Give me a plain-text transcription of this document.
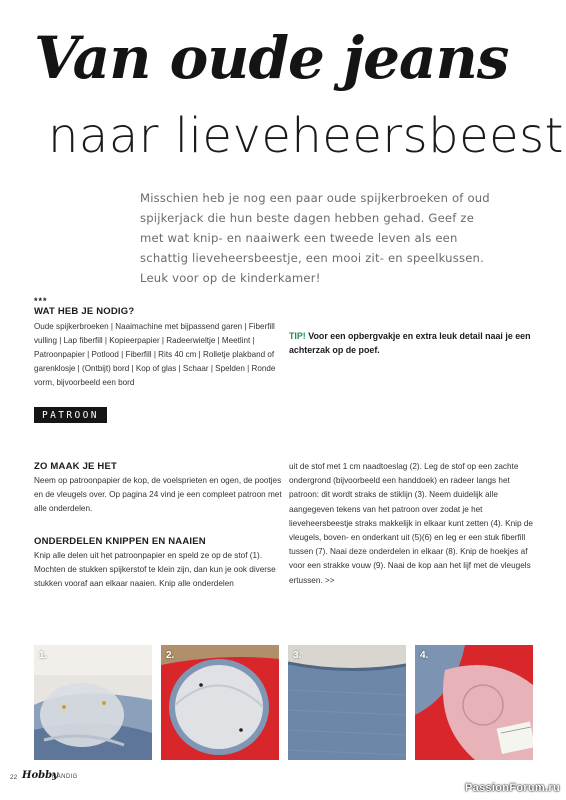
Van oude jeans
naar lieveheersbeest
Misschien heb je nog een paar oude spijkerbroeken of oud spijkerjack die hun beste dagen hebben gehad. Geef ze met wat knip- en naaiwerk een tweede leven als een schattig lieveheersbeestje, een mooi zit- en speelkussen. Leuk voor op de kinderkamer!
***
WAT HEB JE NODIG?
Oude spijkerbroeken | Naaimachine met bijpassend garen | Fiberfill vulling | Lap fiberfill | Kopieerpapier | Radeerwieltje | Meetlint | Patroonpapier | Potlood | Fiberfill | Rits 40 cm | Rolletje plakband of garenklosje | (Ontbijt) bord | Kop of glas | Schaar | Spelden | Ronde vorm, bijvoorbeeld een bord
TIP! Voor een opbergvakje en extra leuk detail naai je een achterzak op de poef.
PATROON
ZO MAAK JE HET
Neem op patroonpapier de kop, de voelsprieten en ogen, de pootjes en de vleugels over. Op pagina 24 vind je een compleet patroon met alle onderdelen.
ONDERDELEN KNIPPEN EN NAAIEN
Knip alle delen uit het patroonpapier en speld ze op de stof (1). Mochten de stukken spijkerstof te klein zijn, dan kun je ook diverse stukken vooraf aan elkaar naaien. Knip alle onderdelen
uit de stof met 1 cm naadtoeslag (2). Leg de stof op een zachte ondergrond (bijvoorbeeld een handdoek) en radeer langs het patroon: dit wordt straks de stiklijn (3). Neem duidelijk alle aangegeven tekens van het patroon over zodat je het lieveheersbeestje straks makkelijk in elkaar kunt zetten (4). Knip de vleugels, boven- en onderkant uit (5)(6) en leg er een stuk fiberfill tussen (7). Naai deze onderdelen in elkaar (8). Knip de hoekjes af voor een strakke vouw (9). Naai de kop aan het lijf met de vleugels ertussen. >>
1.	2.	3.	4.
22 Hobby
HANDIG
PassionForum.ru
